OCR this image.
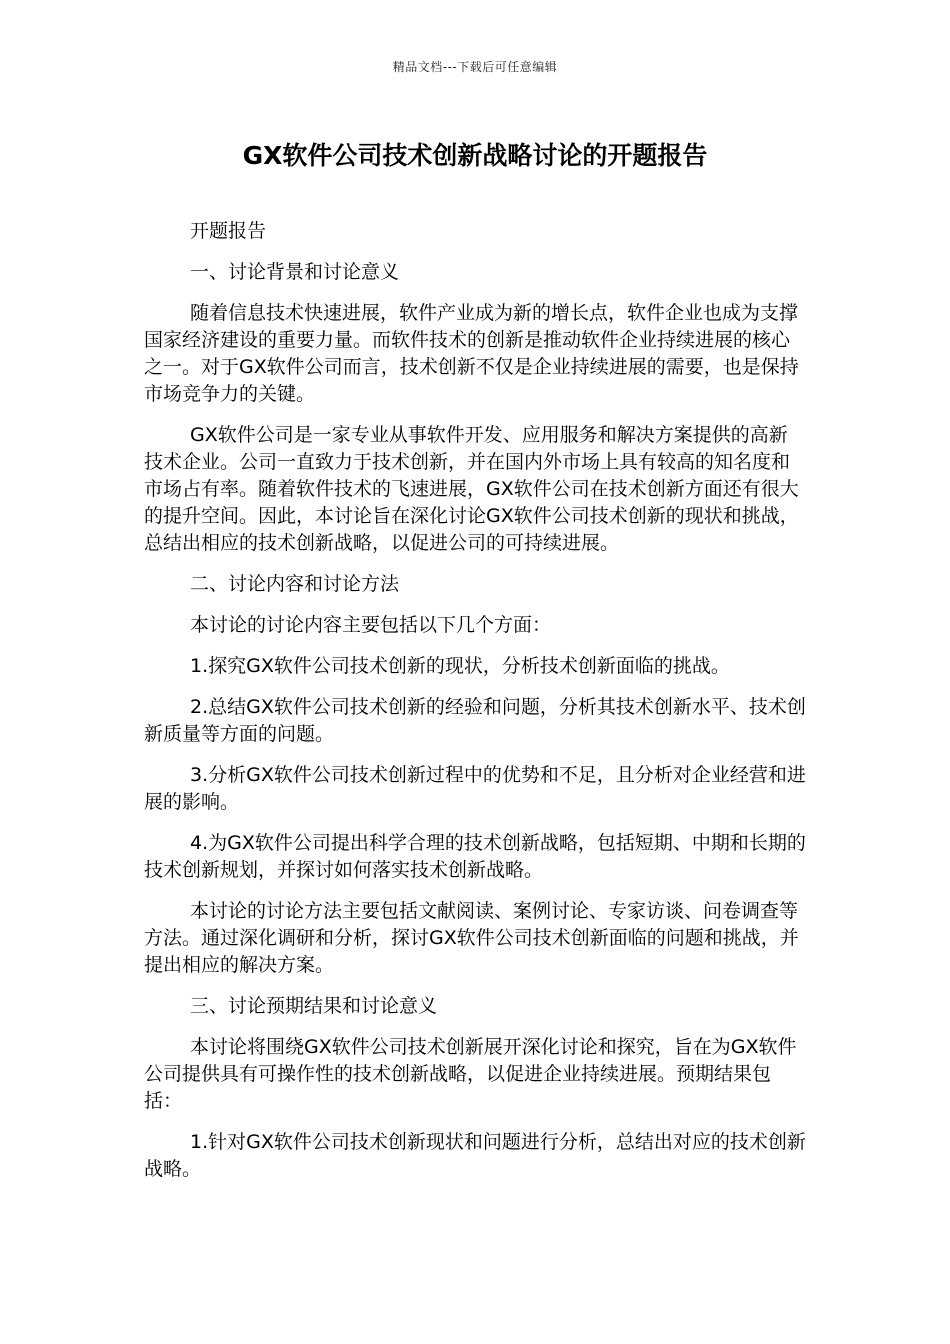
精品文档---下载后可任意编辑
GX软件公司技术创新战略讨论的开题报告

开题报告

一、讨论背景和讨论意义

随着信息技术快速进展，软件产业成为新的增长点，软件企业也成为支撑国家经济建设的重要力量。而软件技术的创新是推动软件企业持续进展的核心之一。对于GX软件公司而言，技术创新不仅是企业持续进展的需要，也是保持市场竞争力的关键。

GX软件公司是一家专业从事软件开发、应用服务和解决方案提供的高新技术企业。公司一直致力于技术创新，并在国内外市场上具有较高的知名度和市场占有率。随着软件技术的飞速进展，GX软件公司在技术创新方面还有很大的提升空间。因此，本讨论旨在深化讨论GX软件公司技术创新的现状和挑战，总结出相应的技术创新战略，以促进公司的可持续进展。

二、讨论内容和讨论方法

本讨论的讨论内容主要包括以下几个方面：

1.探究GX软件公司技术创新的现状，分析技术创新面临的挑战。

2.总结GX软件公司技术创新的经验和问题，分析其技术创新水平、技术创新质量等方面的问题。

3.分析GX软件公司技术创新过程中的优势和不足，且分析对企业经营和进展的影响。

4.为GX软件公司提出科学合理的技术创新战略，包括短期、中期和长期的技术创新规划，并探讨如何落实技术创新战略。

本讨论的讨论方法主要包括文献阅读、案例讨论、专家访谈、问卷调查等方法。通过深化调研和分析，探讨GX软件公司技术创新面临的问题和挑战，并提出相应的解决方案。

三、讨论预期结果和讨论意义

本讨论将围绕GX软件公司技术创新展开深化讨论和探究，旨在为GX软件公司提供具有可操作性的技术创新战略，以促进企业持续进展。预期结果包括：

1.针对GX软件公司技术创新现状和问题进行分析，总结出对应的技术创新战略。
